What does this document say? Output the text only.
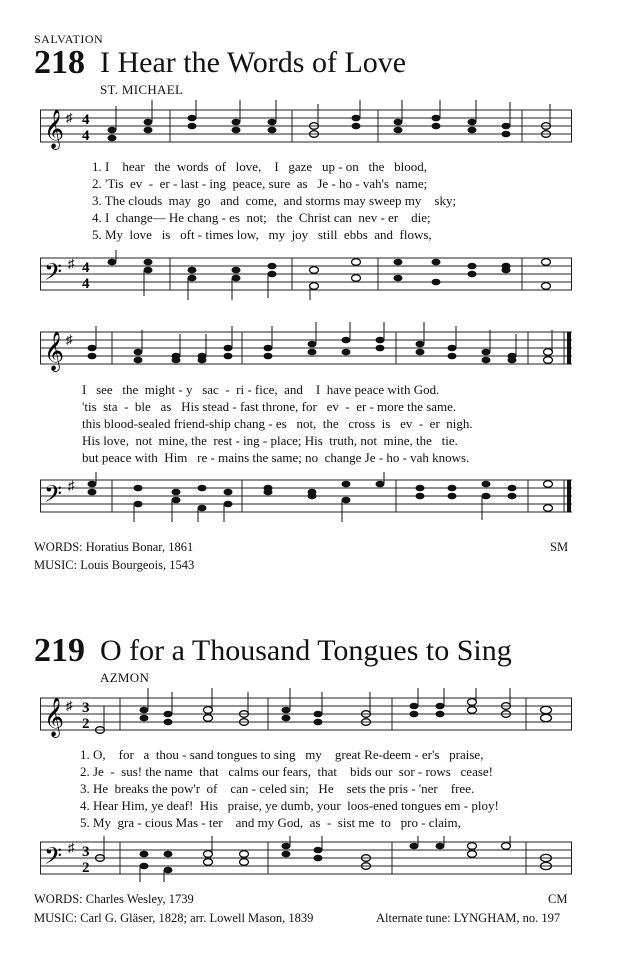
SALVATION
218 I Hear the Words of Love
ST. MICHAEL
𝄞 ♯ 4
4
1. I    hear   the  words  of   love,    I   gaze   up - on   the   blood,
2. 'Tis  ev  -  er - last - ing  peace, sure  as   Je - ho - vah's  name;
3. The clouds  may  go   and  come,  and storms may sweep my    sky;
4. I  change— He chang - es  not;   the  Christ can  nev - er    die;
5. My  love   is   oft - times low,   my  joy   still  ebbs  and  flows,
𝄢 ♯ 4
4
𝄞 ♯
I   see   the  might - y   sac  -  ri - fice,  and    I  have peace with God.
'tis  sta  -  ble   as   His stead - fast throne, for   ev  -  er - more the same.
this blood-sealed friend-ship chang - es   not,  the   cross  is   ev  -  er  nigh.
His love,  not  mine, the  rest - ing - place; His  truth, not  mine, the   tie.
but peace with  Him   re - mains the same; no  change Je - ho - vah knows.
𝄢 ♯
WORDS: Horatius Bonar, 1861
MUSIC: Louis Bourgeois, 1543
SM
219 O for a Thousand Tongues to Sing
AZMON
𝄞 ♯ 3
2
1. O,    for   a  thou - sand tongues to sing   my    great Re-deem - er's   praise,
2. Je  -  sus! the name  that   calms our fears,  that    bids our  sor - rows   cease!
3. He  breaks the pow'r  of    can - celed sin;   He    sets the pris - 'ner    free.
4. Hear Him, ye deaf!  His   praise, ye dumb, your  loos-ened tongues em - ploy!
5. My  gra - cious Mas - ter    and my God,  as  -  sist me  to   pro - claim,
𝄢 ♯ 3
2
WORDS: Charles Wesley, 1739
MUSIC: Carl G. Gläser, 1828; arr. Lowell Mason, 1839
CM
Alternate tune: LYNGHAM, no. 197
